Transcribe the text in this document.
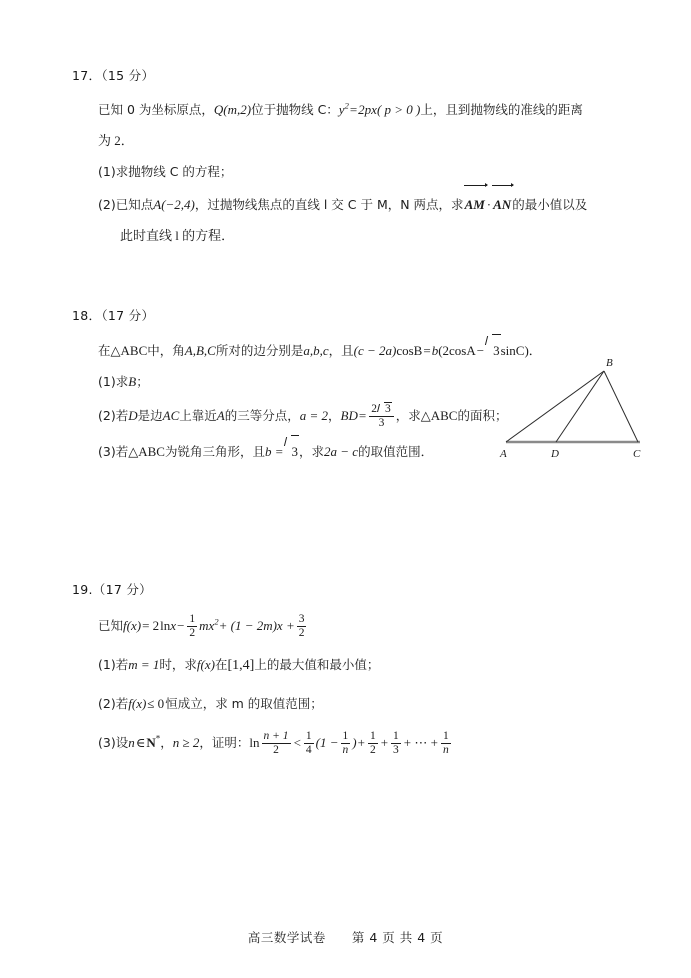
17．（15 分）
已知 0 为坐标原点，Q(m,2)位于抛物线 C：$y^2=2px$( p > 0 )上，且到抛物线的准线的距离
为 2．
(1)求抛物线 C 的方程；
(2)已知点A(−2,4)，过抛物线焦点的直线 l 交 C 于 M，N 两点，求AM · AN
的最小值以及
此时直线 l 的方程．
18．（17 分）
在△ABC中，角A,B,C所对的边分别是a,b,c，且(c − 2a)cosB=b(2cosA− 3sinC)．
(1)求B；
(2)若D是边AC上靠近A的三等分点，a = 2，$BD= \frac{2 3}{3}$ ，求△ABC的面积；
(3)若△ABC为锐角三角形，且b = 3，求2a − c的取值范围．	A	D
B
C
19.（17 分）
已知$f(x)= 2\ln x- \frac{1}{2} mx^2+ (1 - 2m)x + \frac{3}{2}$
(1)若m = 1时，求f(x)在[1,4]上的最大值和最小值；
(2)若f(x)≤ 0恒成立，求 m 的取值范围；
(3)设n∈N*，n ≥ 2，证明：$\ln \frac{n + 1}{2} < \frac{1}{4} (1 - \frac{1}{n}$ )+ $\frac{1}{2} + \frac{1}{3}$ + ⋯ + $\frac{1}{n}$
高三数学试卷 第 4 页 共 4 页
